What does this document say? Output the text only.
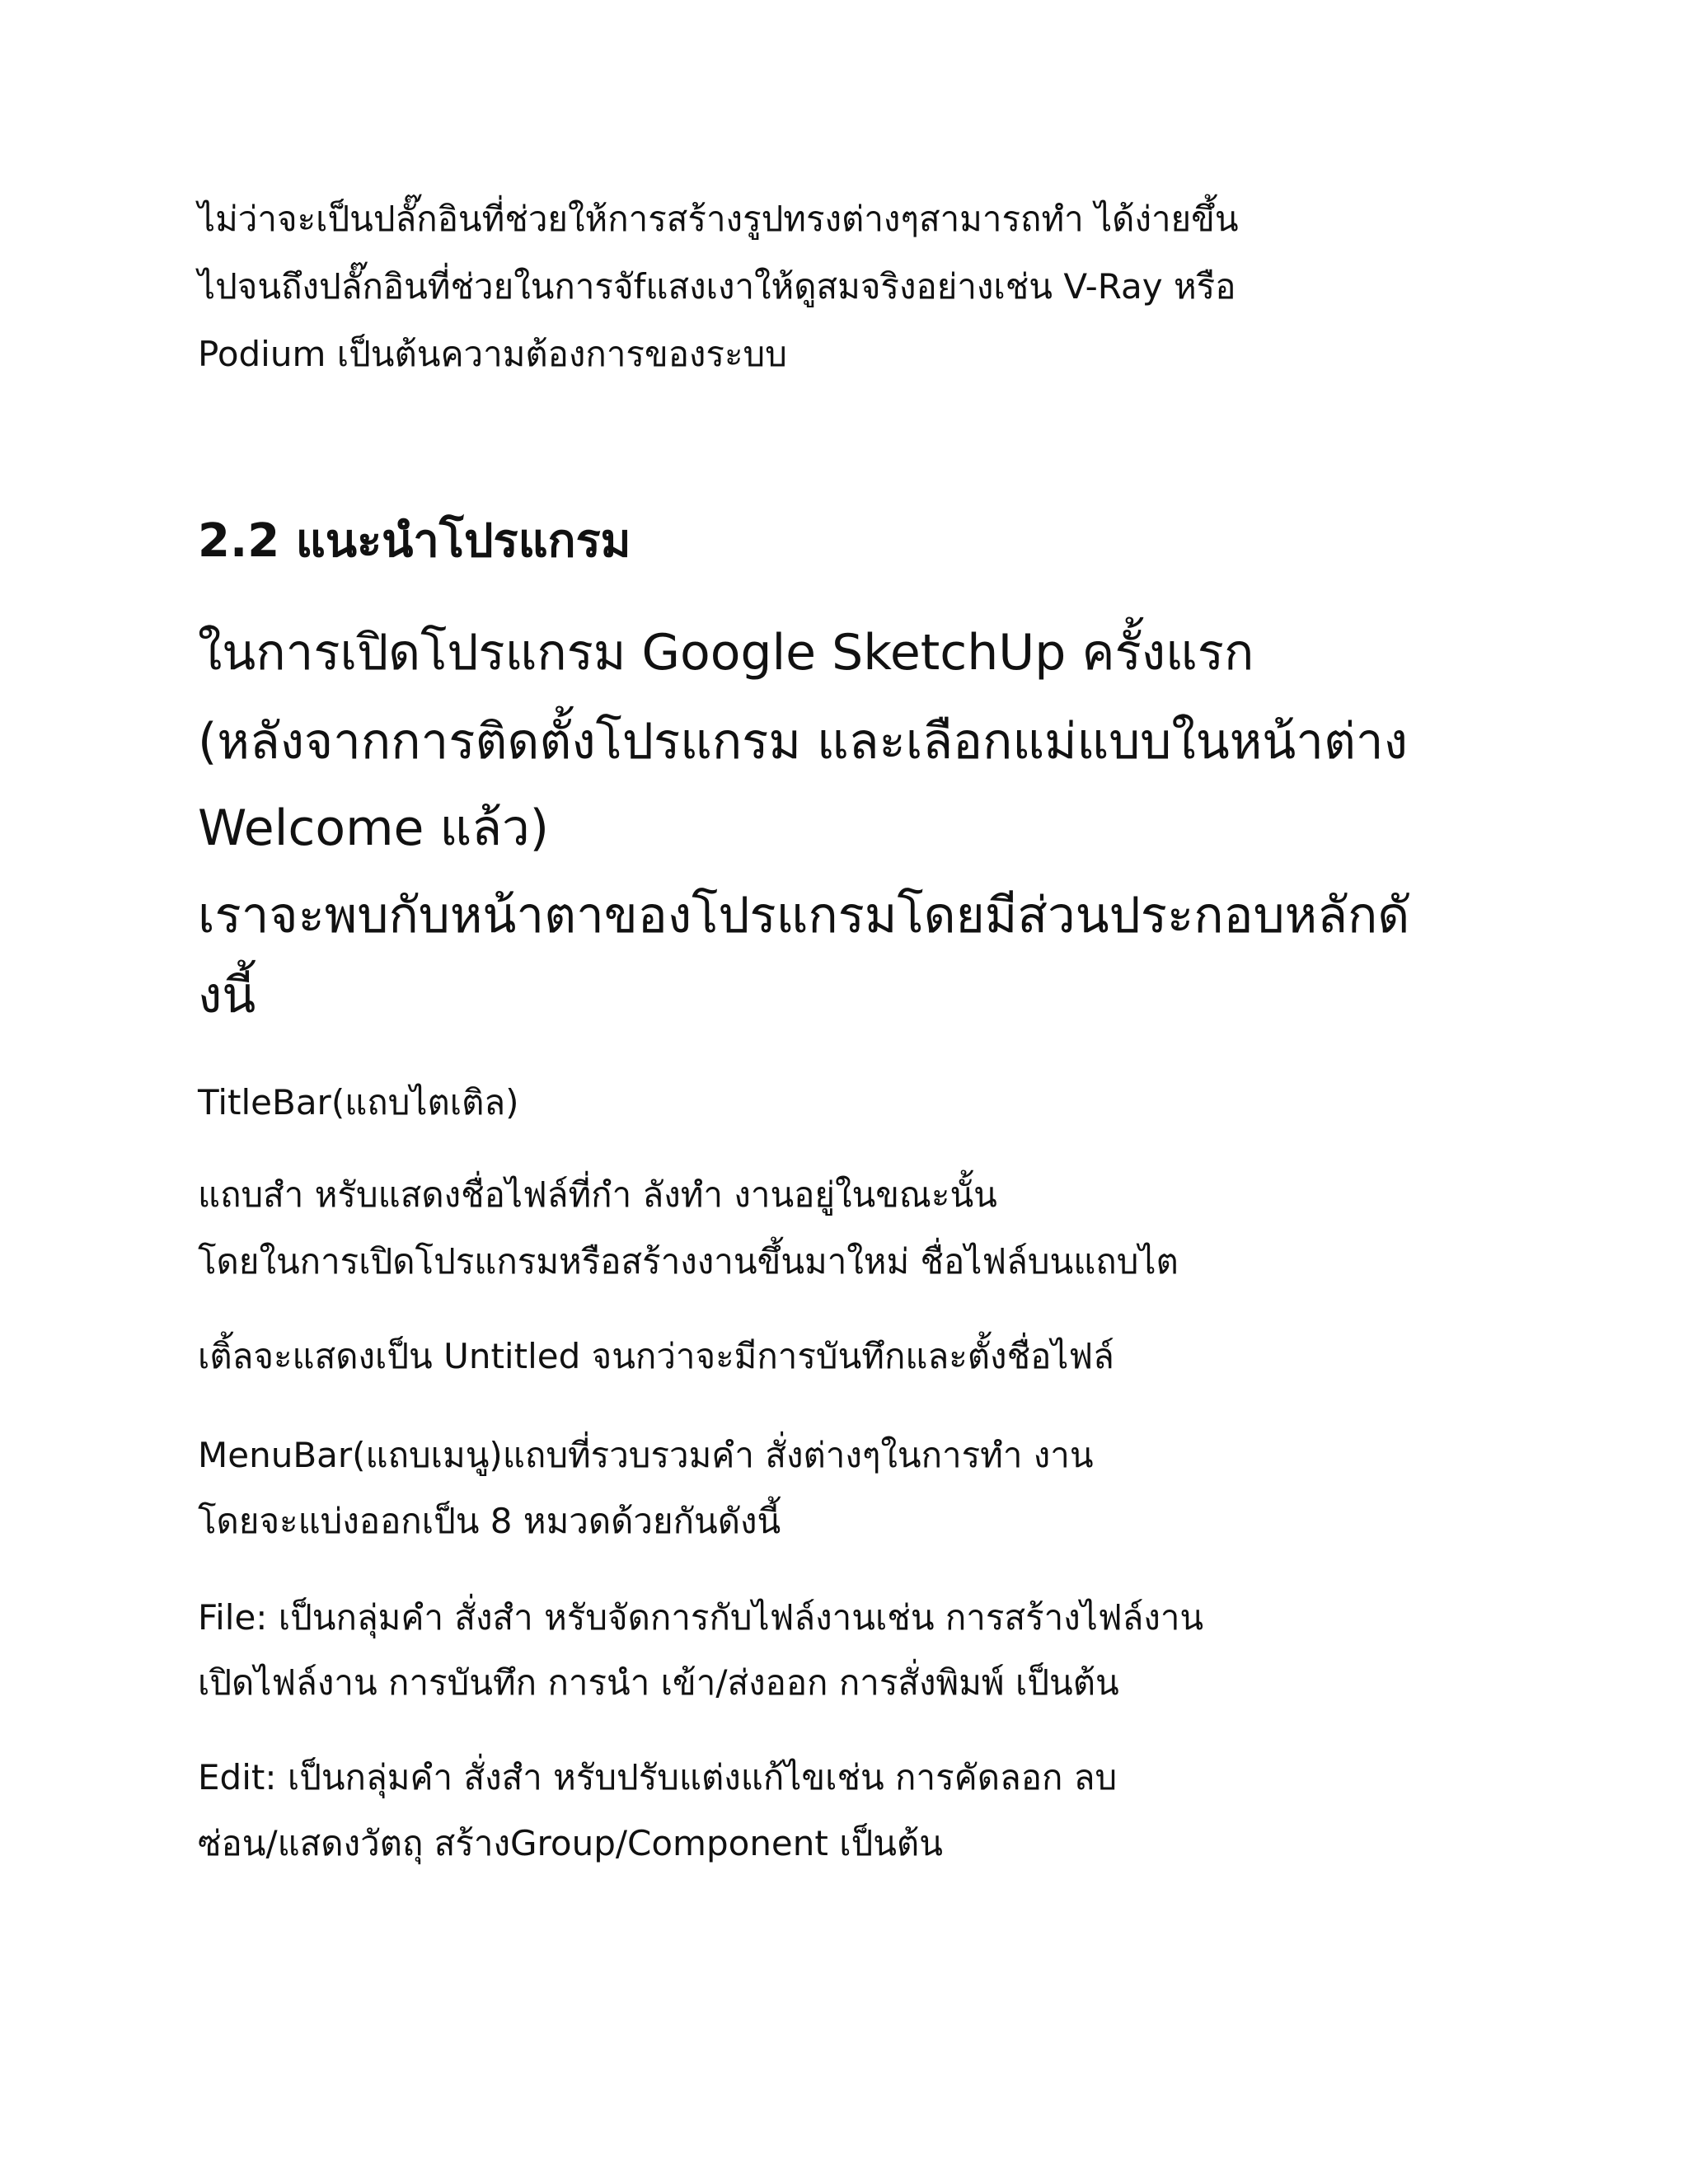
ไม่ว่าจะเป็นปลั๊กอินที่ช่วยให้การสร้างรูปทรงต่างๆสามารถทำ ได้ง่ายขึ้น

ไปจนถึงปลั๊กอินที่ช่วยในการจัfแสงเงาให้ดูสมจริงอย่างเช่น V-Ray หรือ

Podium เป็นต้นความต้องการของระบบ

2.2 แนะนำโปรแกรม

ในการเปิดโปรแกรม Google SketchUp ครั้งแรก

(หลังจากการติดตั้งโปรแกรม และเลือกแม่แบบในหน้าต่าง

Welcome แล้ว)

เราจะพบกับหน้าตาของโปรแกรมโดยมีส่วนประกอบหลักดั

งนี้

TitleBar(แถบไตเติล)

แถบสำ หรับแสดงชื่อไฟล์ที่กำ ลังทำ งานอยู่ในขณะนั้น

โดยในการเปิดโปรแกรมหรือสร้างงานขึ้นมาใหม่ ชื่อไฟล์บนแถบไต

เติ้ลจะแสดงเป็น Untitled จนกว่าจะมีการบันทึกและตั้งชื่อไฟล์

MenuBar(แถบเมนู)แถบที่รวบรวมคำ สั่งต่างๆในการทำ งาน

โดยจะแบ่งออกเป็น 8 หมวดด้วยกันดังนี้

File: เป็นกลุ่มคำ สั่งสำ หรับจัดการกับไฟล์งานเช่น การสร้างไฟล์งาน

เปิดไฟล์งาน การบันทึก การนำ เข้า/ส่งออก การสั่งพิมพ์ เป็นต้น

Edit: เป็นกลุ่มคำ สั่งสำ หรับปรับแต่งแก้ไขเช่น การคัดลอก ลบ

ซ่อน/แสดงวัตถุ สร้างGroup/Component เป็นต้น
